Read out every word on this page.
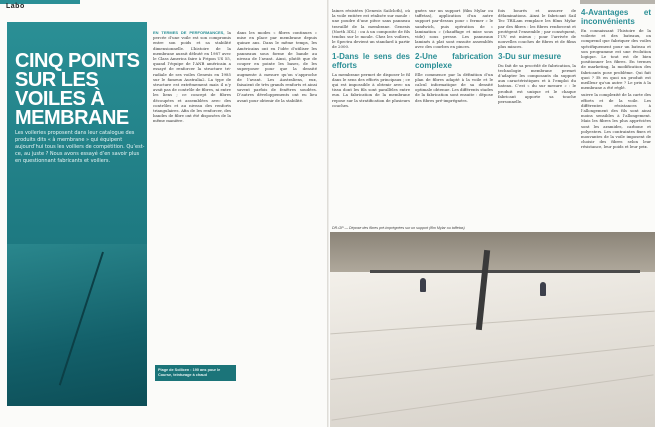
Labo
CINQ POINTS SUR LES VOILES À MEMBRANE

Les voileries proposent dans leur catalogue des produits dits « à membrane » qui équipent aujourd’hui tous les voiliers de compétition. Qu’est-ce, au juste ? Nous avons essayé d’en savoir plus en questionnant fabricants et voiliers.

EN TERMES DE PERFORMANCES, la percée d’une voile est son compromis entre son poids et sa stabilité dimensionnelle. L’histoire de la membrane aurait débuté en 1987 avec le Class America faire à Fripon US 55, quand l’équipe de l’ANB américain a essayé de renforcer la structure tri-radiale de ses voiles Genesis en 1985 sur le fameux Australia2. La type de structure est extrêmement mais il n’y avait pas de contrôle de fibres, ni entre les liens ; ce concept de fibres découpées et assemblées avec des contrôles et au niveau des renforts triangulaires. Afin de les renforcer, des bandes de fibre ont été disposées de la même manière.

Plage de Sollicen : 190 ans pour le Course, teinturage à chaud

dans les modes « fibres continues » mise en place par membrane depuis quinze ans. Dans le même temps, les Américains ont eu l’idée d’utiliser les panneaux sous forme de bande au niveau de l’avant. Ainsi, plutôt que de couper en pointe les bases, de les superposer pour que la densité augmente à mesure qu’on s’approche de l’avant. Les Australiens, eux, faisaient de très grands renforts et ainsi savent parfois de fenêtres soudées. D’autres développements ont eu lieu avant pour obtenir de la stabilité.

laines résistées (Genesis Sailcloth), où la voile entière est réalisée sur moule : une poudre d’une pièce sans panneau travaillé de la membrane. Genesis (North 3DL) : ou à un composite de fils tendus sur le moule. Chez les voiliers, le Spectra devient un standard à partir de 2000.

1-Dans le sens des efforts

La membrane permet de disposer le fil dans le sens des efforts principaux ; ce qui est impossible à obtenir avec un tissu dont les fils sont parallèles entre eux. La fabrication de la membrane repose sur la stratification de plusieurs couches.

gnées sur un support (film Mylar ou taffetas), application d’un autre support par-dessus pour « fermer » le sandwich, puis opération de « lamination » (chauffage et mise sous vide) sous presse. Les panneaux laminés à plat sont ensuite assemblés avec des courbes en pinces.

2-Une fabrication complexe

Elle commence par la définition d’un plan de fibres adapté à la voile et le calcul informatique de sa densité optimale obtenue. Les différents stades de la fabrication sont ensuite : dépose des fibres pré-imprégnées.

fois bourés et assurer de délaminations. Ainsi le fabricant Sail Tec TRILam remplace les films Mylar par des fibres : les fibres renforcent et protègent l’ensemble ; par conséquent, l’UV est mieux ; pour l’arrivée de nouvelles couches de fibres et de films plus minces.

3-Du sur mesure

Du fait de sa procédé de fabrication, la technologie membrane permet d’adapter les composants du support aux caractéristiques et à l’emploi du bateau. C’est « du sur mesure » : le produit est unique et le chaque fabricant apporte sa touche personnelle.

4-Avantages et inconvénients

En connaissant l’histoire de la voilerie et des bateaux, on comprend que fabriquer des voiles spécifiquement pour un bateau et son programme est une évolution logique. Le tout est de bien positionner les fibres. En termes de marketing, la modification des fabricants pose problème. Qui fait quoi ? Et en quoi un produit est meilleur qu’un autre ? Le prix à la membrane a été réglé.

suivre la complexité de la carte des efforts et de la voile. Les différentes résistances à l’allongement des fils sont ainsi moins sensibles à l’allongement. Mais les fibres les plus appréciées sont les aramides, carbone et polyesters. Les contraintes fixes et mouvantes de la voile imposent de choisir des fibres selon leur résistance, leur poids et leur prix.

DR-GP — Dépose des fibres pré-imprégnées sur un support (film Mylar ou taffetas)
